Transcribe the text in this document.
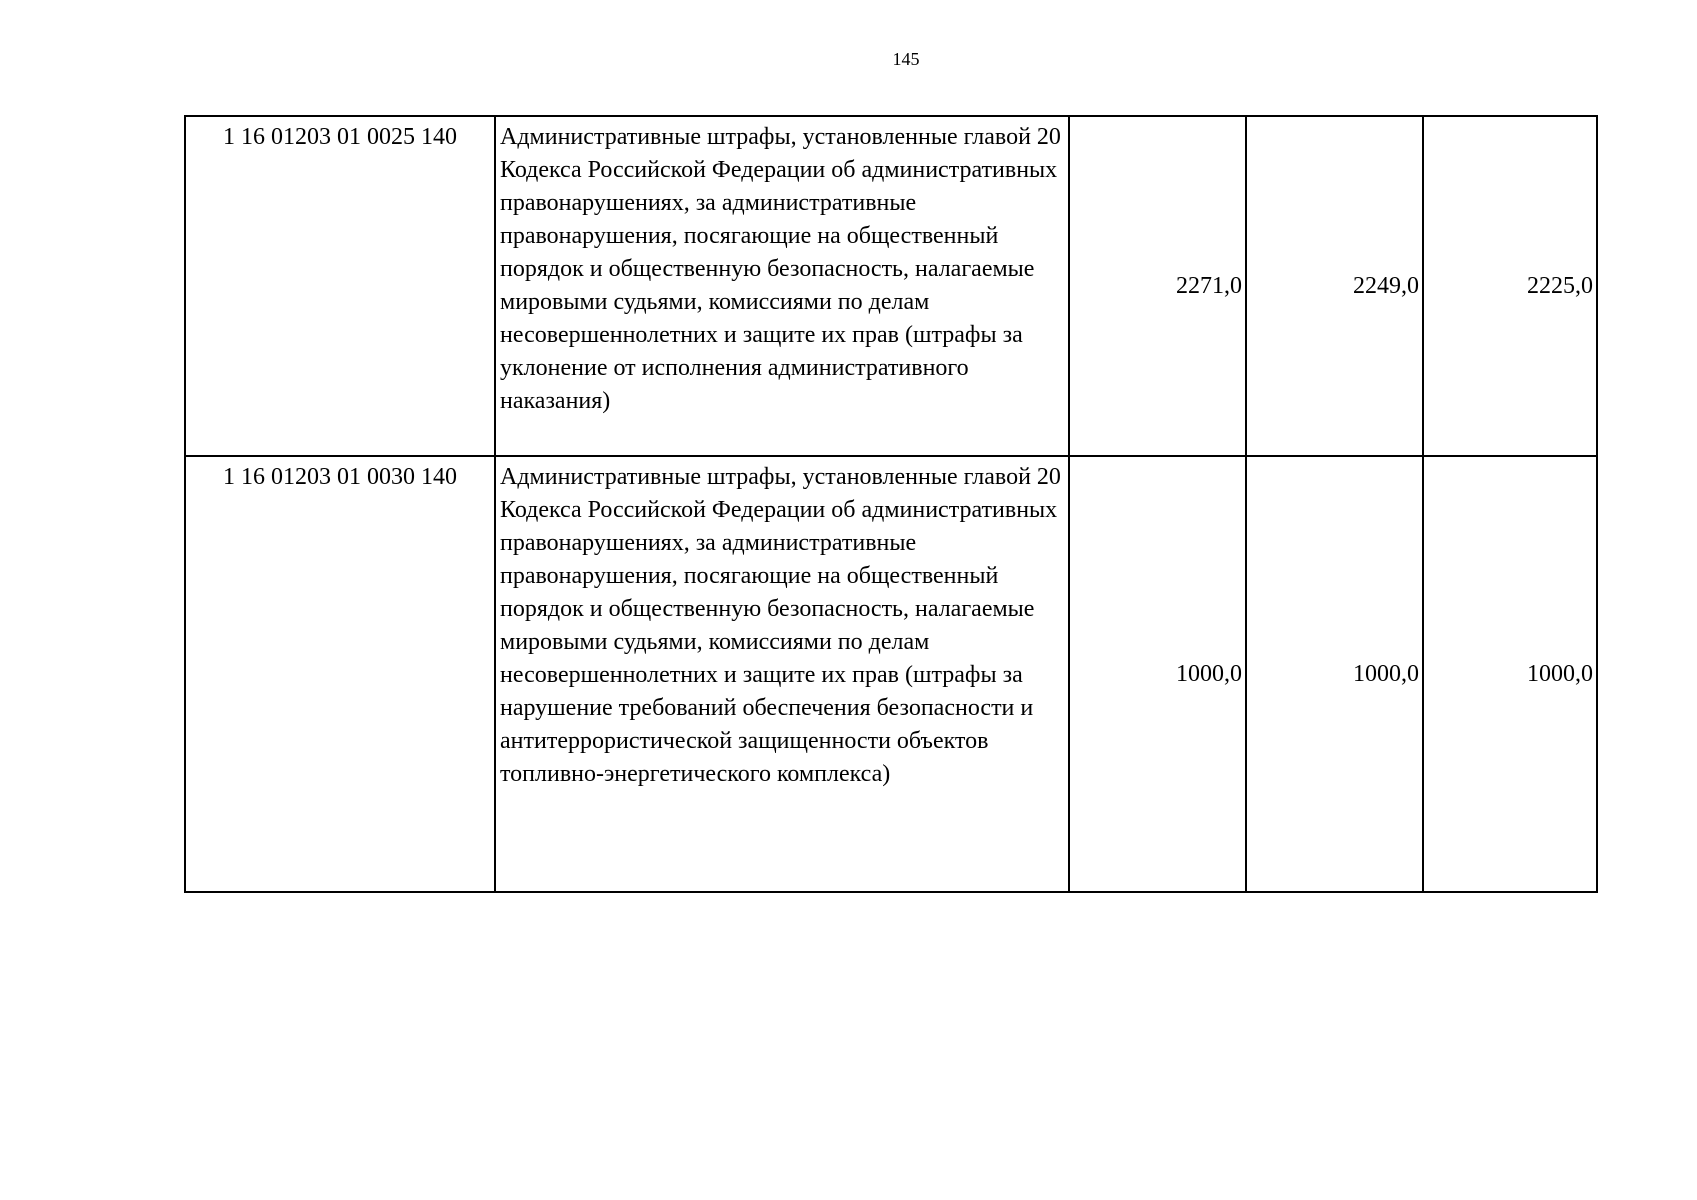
145
1 16 01203 01 0025 140	Административные штрафы, установленные главой 20 Кодекса Российской Федерации об административных правонарушениях, за административные правонарушения, посягающие на общественный порядок и общественную безопасность, налагаемые мировыми судьями, комиссиями по делам несовершеннолетних и защите их прав (штрафы за уклонение от исполнения административного наказания)	2271,0	2249,0	2225,0
1 16 01203 01 0030 140	Административные штрафы, установленные главой 20 Кодекса Российской Федерации об административных правонарушениях, за административные правонарушения, посягающие на общественный порядок и общественную безопасность, налагаемые мировыми судьями, комиссиями по делам несовершеннолетних и защите их прав (штрафы за нарушение требований обеспечения безопасности и антитеррористической защищенности объектов топливно-энергетического комплекса)	1000,0	1000,0	1000,0
